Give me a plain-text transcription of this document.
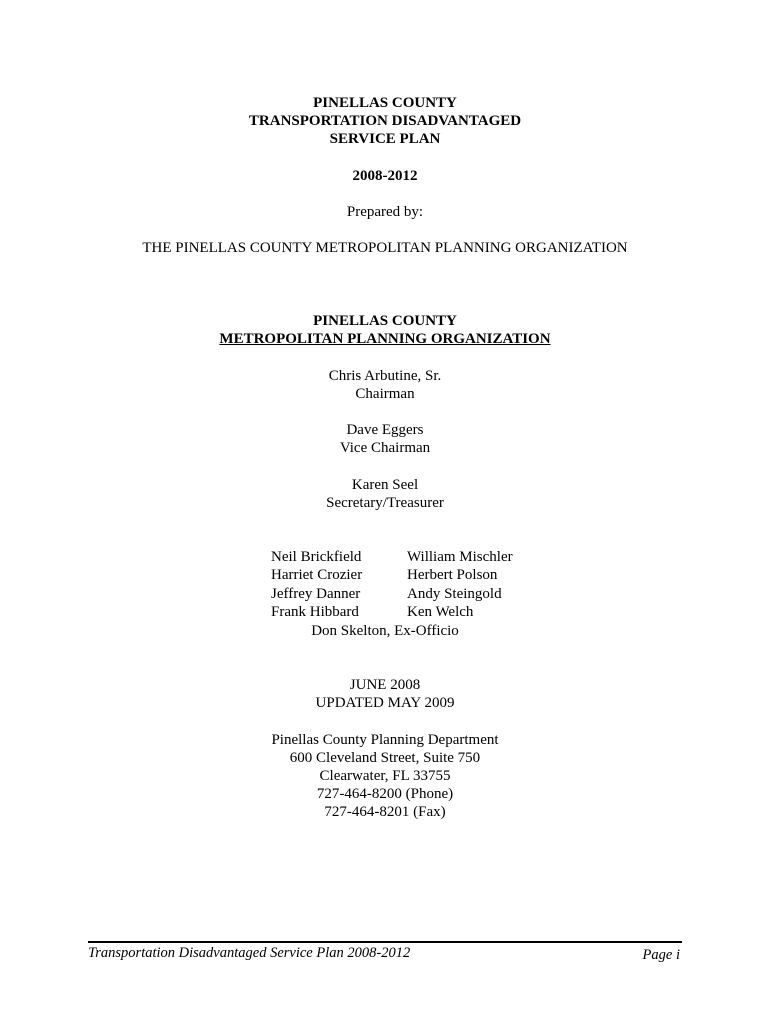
PINELLAS COUNTY
TRANSPORTATION DISADVANTAGED
SERVICE PLAN
2008-2012
Prepared by:
THE PINELLAS COUNTY METROPOLITAN PLANNING ORGANIZATION
PINELLAS COUNTY
METROPOLITAN PLANNING ORGANIZATION
Chris Arbutine, Sr.
Chairman
Dave Eggers
Vice Chairman
Karen Seel
Secretary/Treasurer
Neil Brickfield	William Mischler
Harriet Crozier	Herbert Polson
Jeffrey Danner	Andy Steingold
Frank Hibbard	Ken Welch
Don Skelton, Ex-Officio
JUNE 2008
UPDATED MAY 2009
Pinellas County Planning Department
600 Cleveland Street, Suite 750
Clearwater, FL 33755
727-464-8200 (Phone)
727-464-8201 (Fax)
Transportation Disadvantaged Service Plan 2008-2012	Page i
